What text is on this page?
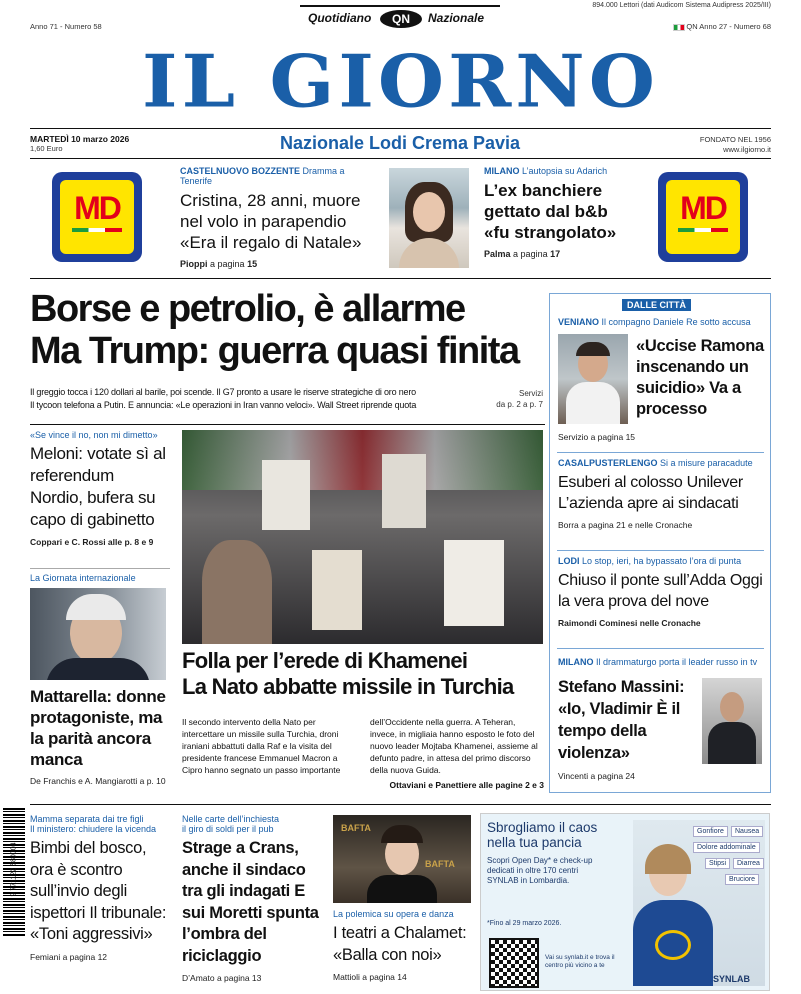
Anno 71 - Numero 58
Quotidiano	QN	Nazionale
894.000 Lettori (dati Audicom Sistema Audipress 2025/III)
QN Anno 27 - Numero 68
IL GIORNO
MARTEDÌ 10 marzo 2026
1,60 Euro	Nazionale Lodi Crema Pavia	FONDATO NEL 1956
www.ilgiorno.it
MD	MD
CASTELNUOVO BOZZENTE Dramma a Tenerife
Cristina, 28 anni, muore nel volo in parapendio «Era il regalo di Natale»
Pioppi a pagina 15
MILANO L’autopsia su Adarich
L’ex banchiere gettato dal b&b «fu strangolato»
Palma a pagina 17
Borse e petrolio, è allarme
Ma Trump: guerra quasi finita
Il greggio tocca i 120 dollari al barile, poi scende. Il G7 pronto a usare le riserve strategiche di oro nero
Il tycoon telefona a Putin. E annuncia: «Le operazioni in Iran vanno veloci». Wall Street riprende quota
Servizi
da p. 2 a p. 7
«Se vince il no, non mi dimetto»
Meloni: votate sì al referendum Nordio, bufera su capo di gabinetto
Coppari e C. Rossi alle p. 8 e 9
La Giornata internazionale
Mattarella: donne protagoniste, ma la parità ancora manca
De Franchis e A. Mangiarotti a p. 10
Folla per l’erede di Khamenei
La Nato abbatte missile in Turchia
Il secondo intervento della Nato per intercettare un missile sulla Turchia, droni iraniani abbattuti dalla Raf e la visita del presidente francese Emmanuel Macron a Cipro hanno segnato un passo importante
dell’Occidente nella guerra. A Teheran, invece, in migliaia hanno esposto le foto del nuovo leader Mojtaba Khamenei, assieme al defunto padre, in attesa del primo discorso della nuova Guida.
Ottaviani e Panettiere alle pagine 2 e 3
DALLE CITTÀ
VENIANO Il compagno Daniele Re sotto accusa
«Uccise Ramona inscenando un suicidio» Va a processo
Servizio a pagina 15
CASALPUSTERLENGO Si a misure paracadute
Esuberi al colosso Unilever L’azienda apre ai sindacati
Borra a pagina 21 e nelle Cronache
LODI Lo stop, ieri, ha bypassato l’ora di punta
Chiuso il ponte sull’Adda Oggi la vera prova del nove
Raimondi Cominesi nelle Cronache
MILANO Il drammaturgo porta il leader russo in tv
Stefano Massini: «Io, Vladimir È il tempo della violenza»
Vincenti a pagina 24
9 771122 580004
Mamma separata dai tre figli
Il ministero: chiudere la vicenda
Bimbi del bosco, ora è scontro sull’invio degli ispettori Il tribunale: «Toni aggressivi»
Femiani a pagina 12
Nelle carte dell’inchiesta
il giro di soldi per il pub
Strage a Crans, anche il sindaco tra gli indagati E sui Moretti spunta l’ombra del riciclaggio
D’Amato a pagina 13
BAFTA
BAFTA
La polemica su opera e danza
I teatri a Chalamet: «Balla con noi»
Mattioli a pagina 14
Sbrogliamo il caos nella tua pancia
Scopri Open Day* e check-up dedicati in oltre 170 centri SYNLAB in Lombardia.
*Fino al 29 marzo 2026.
Vai su synlab.it e trova il centro più vicino a te
Gonfiore	Nausea
Dolore addominale
Stipsi	Diarrea
Bruciore
SYNLAB
